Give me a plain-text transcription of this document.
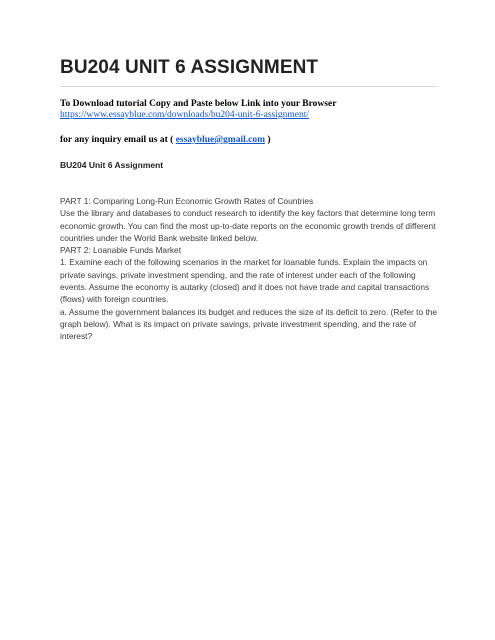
BU204 UNIT 6 ASSIGNMENT
To Download tutorial Copy and Paste below Link into your Browser
https://www.essayblue.com/downloads/bu204-unit-6-assignment/
for any inquiry email us at ( essayblue@gmail.com )
BU204 Unit 6 Assignment

PART 1: Comparing Long-Run Economic Growth Rates of Countries

Use the library and databases to conduct research to identify the key factors that determine long term economic growth. You can find the most up-to-date reports on the economic growth trends of different countries under the World Bank website linked below.

PART 2: Loanable Funds Market

1. Examine each of the following scenarios in the market for loanable funds. Explain the impacts on private savings, private investment spending, and the rate of interest under each of the following events. Assume the economy is autarky (closed) and it does not have trade and capital transactions (flows) with foreign countries.

a. Assume the government balances its budget and reduces the size of its deficit to zero. (Refer to the graph below). What is its impact on private savings, private investment spending, and the rate of interest?
